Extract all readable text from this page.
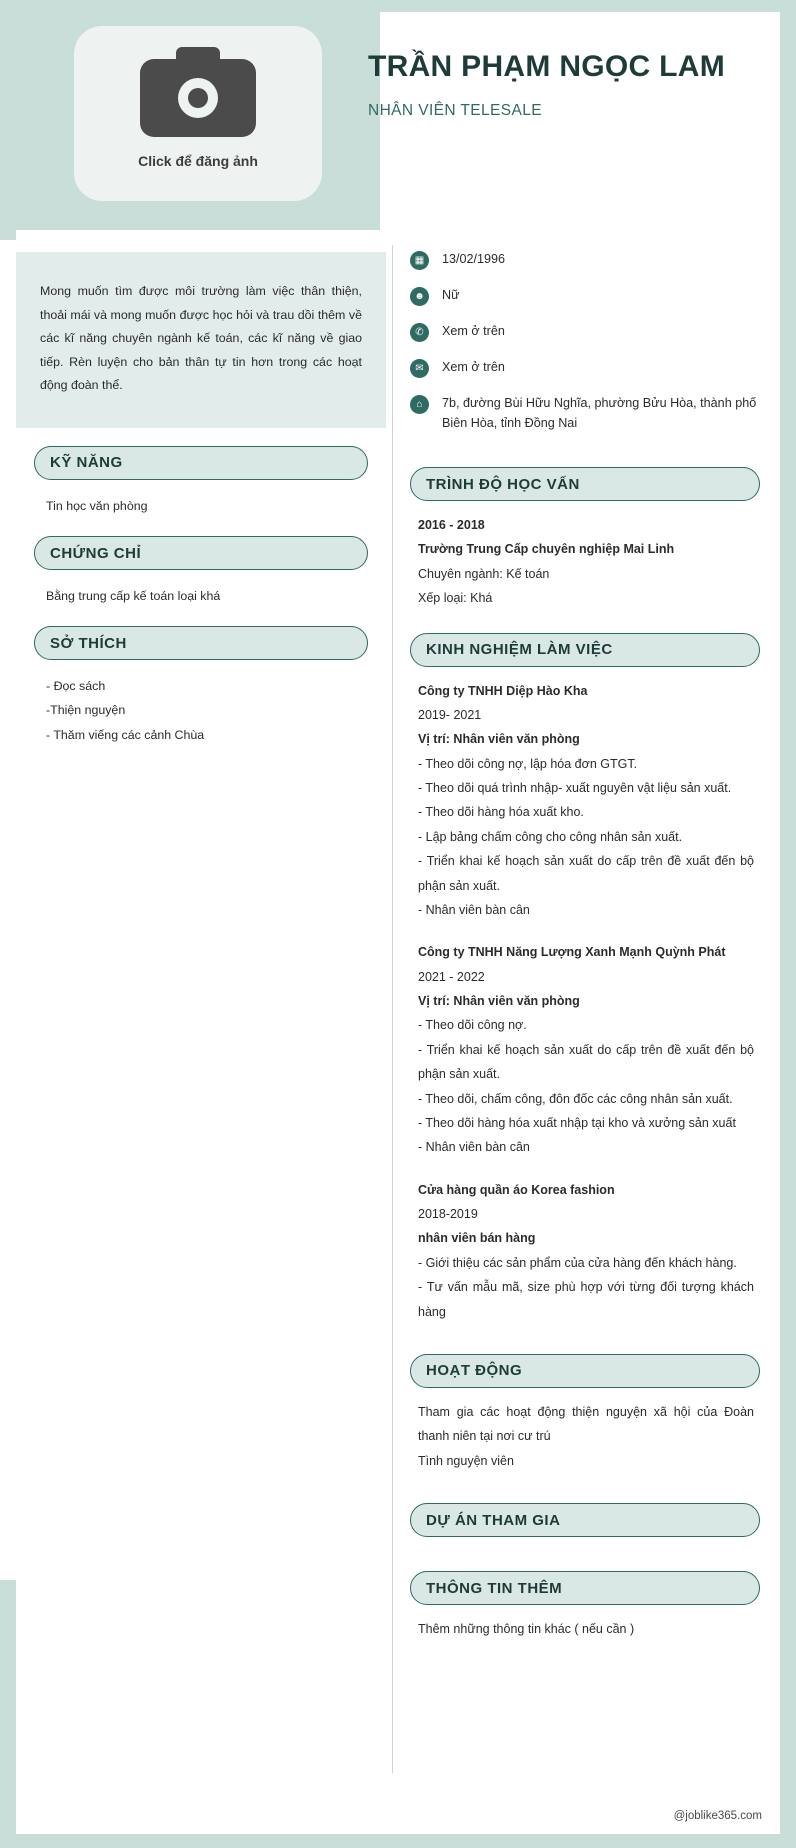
Click để đăng ảnh
TRẦN PHẠM NGỌC LAM
NHÂN VIÊN TELESALE
Mong muốn tìm được môi trường làm việc thân thiện, thoải mái và mong muốn được học hỏi và trau dồi thêm về các kĩ năng chuyên ngành kế toán, các kĩ năng về giao tiếp. Rèn luyện cho bản thân tự tin hơn trong các hoạt động đoàn thể.
KỸ NĂNG
Tin học văn phòng
CHỨNG CHỈ
Bằng trung cấp kế toán loại khá
SỞ THÍCH
- Đọc sách
-Thiện nguyện
- Thăm viếng các cảnh Chùa
▦	13/02/1996
☻	Nữ
✆	Xem ở trên
✉	Xem ở trên
⌂	7b, đường Bùi Hữu Nghĩa, phường Bửu Hòa, thành phố Biên Hòa, tỉnh Đồng Nai
TRÌNH ĐỘ HỌC VẤN
2016 - 2018
Trường Trung Cấp chuyên nghiệp Mai Linh
Chuyên ngành: Kế toán
Xếp loại: Khá
KINH NGHIỆM LÀM VIỆC
Công ty TNHH Diệp Hào Kha
2019- 2021
Vị trí: Nhân viên văn phòng

- Theo dõi công nợ, lập hóa đơn GTGT.

- Theo dõi quá trình nhập- xuất nguyên vật liệu sản xuất.

- Theo dõi hàng hóa xuất kho.

- Lập bảng chấm công cho công nhân sản xuất.

- Triển khai kế hoạch sản xuất do cấp trên đề xuất đến bộ phận sản xuất.

- Nhân viên bàn cân

Công ty TNHH Năng Lượng Xanh Mạnh Quỳnh Phát
2021 - 2022
Vị trí: Nhân viên văn phòng

- Theo dõi công nợ.

- Triển khai kế hoạch sản xuất do cấp trên đề xuất đến bộ phận sản xuất.

- Theo dõi, chấm công, đôn đốc các công nhân sản xuất.

- Theo dõi hàng hóa xuất nhập tại kho và xưởng sản xuất

- Nhân viên bàn cân

Cửa hàng quần áo Korea fashion
2018-2019
nhân viên bán hàng

- Giới thiệu các sản phẩm của cửa hàng đến khách hàng.

- Tư vấn mẫu mã, size phù hợp với từng đối tượng khách hàng

HOẠT ĐỘNG

Tham gia các hoạt động thiện nguyện xã hội của Đoàn thanh niên tại nơi cư trú

Tình nguyện viên

DỰ ÁN THAM GIA
THÔNG TIN THÊM

Thêm những thông tin khác ( nếu cần )

@joblike365.com
